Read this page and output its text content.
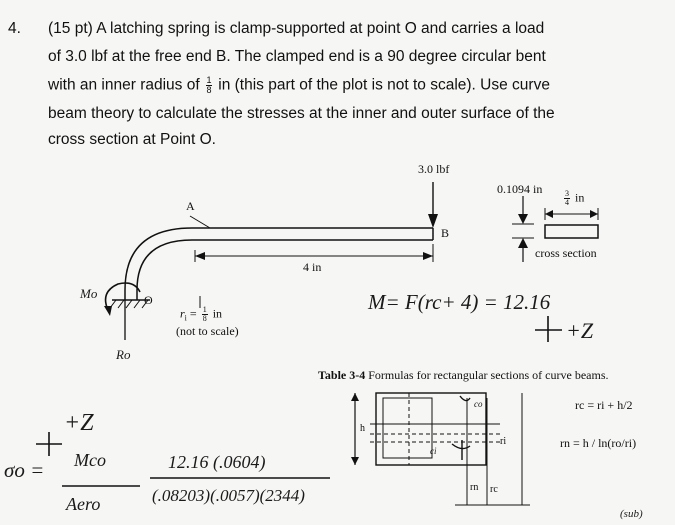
4. (15 pt) A latching spring is clamp-supported at point O and carries a load
of 3.0 lbf at the free end B. The clamped end is a 90 degree circular bent
with an inner radius of $\frac{1}{8}$ in (this part of the plot is not to scale). Use curve
beam theory to calculate the stresses at the inner and outer surface of the
cross section at Point O.
3.0 lbf
A
B
4 in
O
Mo
$r_i = \frac{1}{8}$ in
(not to scale)
Ro
0.1094 in
$\frac{3}{4}$ in
cross section
M= F(rc+ 4) = 12.16
+Z
+Z
σo = Mco
Aero
12.16 (.0604)
(.08203)(.0057)(2344)
(sub)
Table 3-4 Formulas for rectangular sections of curve beams.
rc = ri + h/2
rn = h / ln(ro/ri)
h
rn rc
ri
co
ci
